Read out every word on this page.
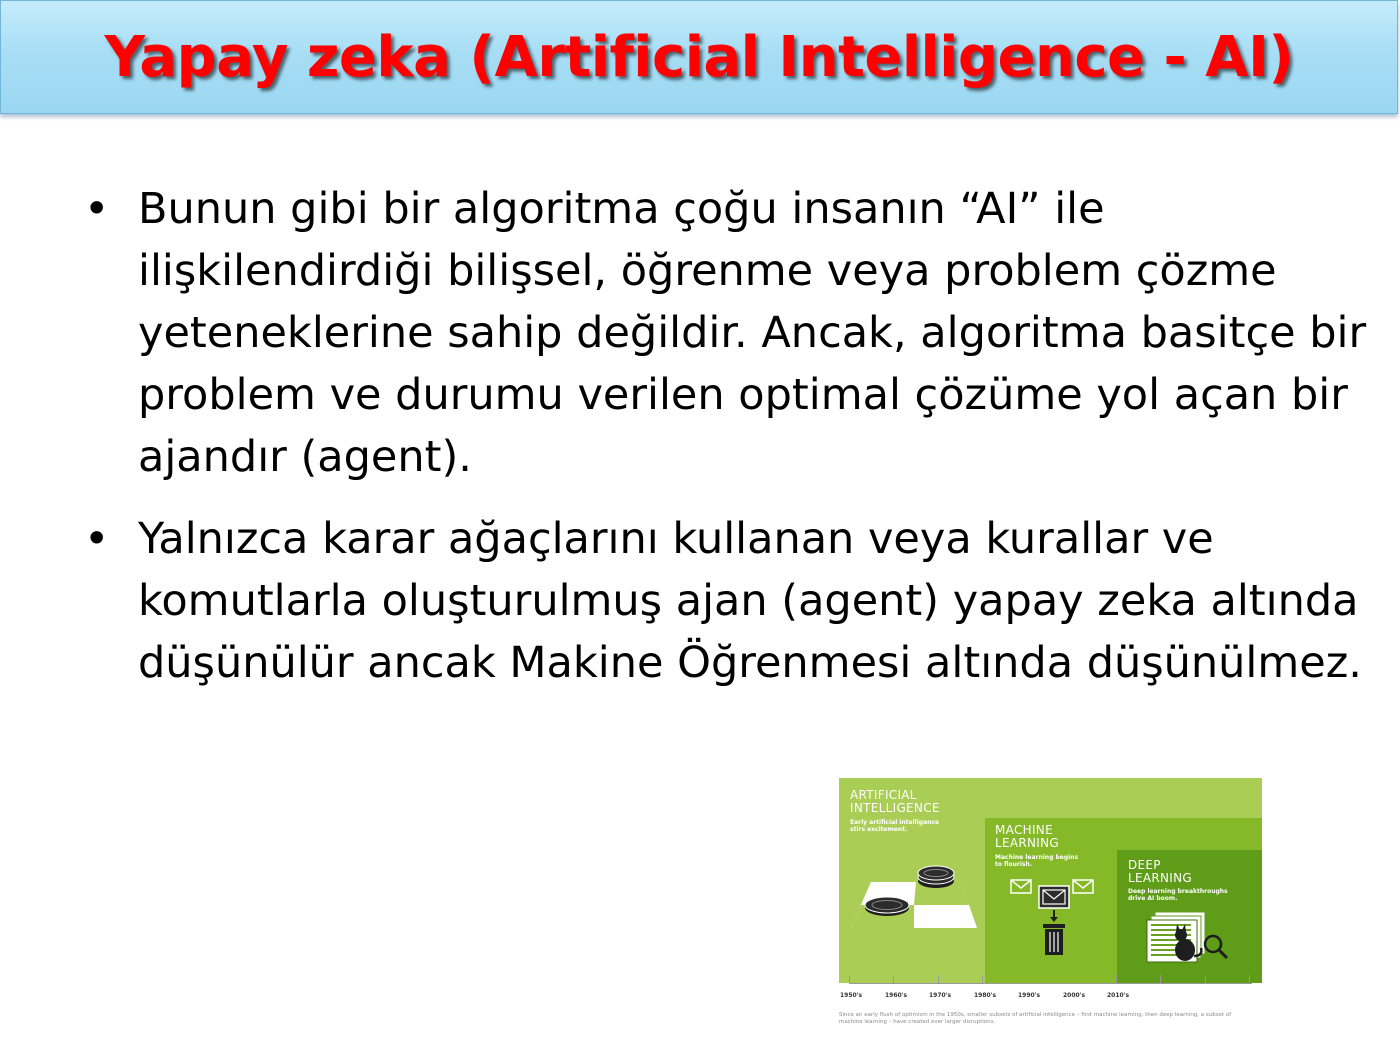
Yapay zeka (Artificial Intelligence - AI)
• Bunun gibi bir algoritma çoğu insanın “AI” ile ilişkilendirdiği bilişsel, öğrenme veya problem çözme yeteneklerine sahip değildir. Ancak, algoritma basitçe bir problem ve durumu verilen optimal çözüme yol açan bir ajandır (agent).
• Yalnızca karar ağaçlarını kullanan veya kurallar ve komutlarla oluşturulmuş ajan (agent) yapay zeka altında düşünülür ancak Makine Öğrenmesi altında düşünülmez.
ARTIFICIAL
INTELLIGENCE
Early artificial intelligence
stirs excitement.	MACHINE
LEARNING
Machine learning begins
to flourish.	DEEP
LEARNING
Deep learning breakthroughs
drive AI boom.
1950's	1960's	1970's	1980's	1990's	2000's	2010's
Since an early flush of optimism in the 1950s, smaller subsets of artificial intelligence – first machine learning, then deep learning, a subset of machine learning – have created ever larger disruptions.
